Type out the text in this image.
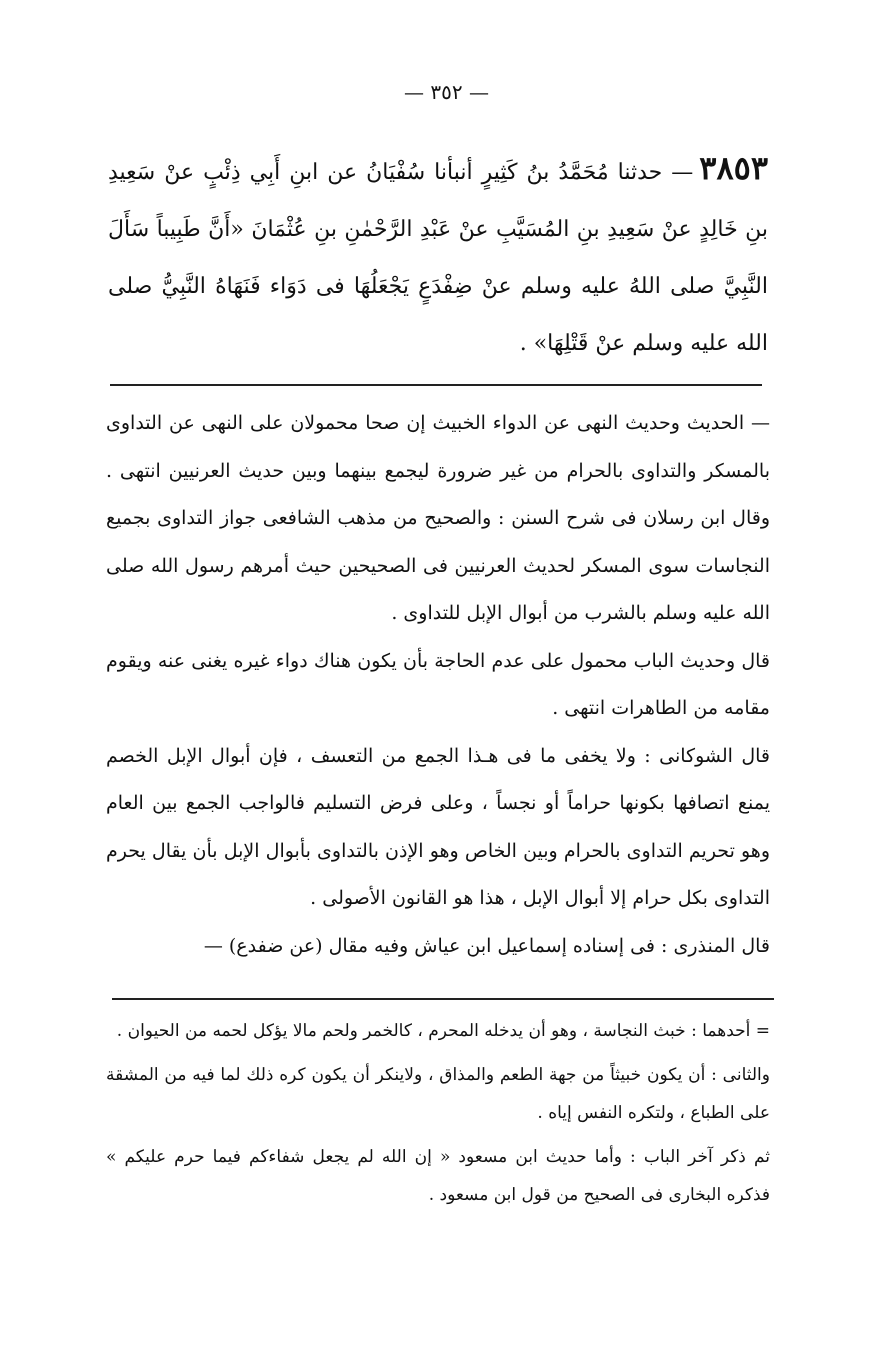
— ٣٥٢ —
٣٨٥٣— حدثنا مُحَمَّدُ بنُ كَثِيرٍ أنبأنا سُفْيَانُ عن ابنِ أَبِي ذِئْبٍ عنْ سَعِيدِ بنِ خَالِدٍ عنْ سَعِيدِ بنِ المُسَيَّبِ عنْ عَبْدِ الرَّحْمٰنِ بنِ عُثْمَانَ «أَنَّ طَبِيباً سَأَلَ النَّبِيَّ صلى اللهُ عليه وسلم عنْ ضِفْدَعٍ يَجْعَلُهَا فى دَوَاء فَنَهَاهُ النَّبِيُّ صلى الله عليه وسلم عنْ قَتْلِهَا» .

— الحديث وحديث النهى عن الدواء الخبيث إن صحا محمولان على النهى عن التداوى بالمسكر والتداوى بالحرام من غير ضرورة ليجمع بينهما وبين حديث العرنيين انتهى . وقال ابن رسلان فى شرح السنن : والصحيح من مذهب الشافعى جواز التداوى بجميع النجاسات سوى المسكر لحديث العرنيين فى الصحيحين حيث أمرهم رسول الله صلى الله عليه وسلم بالشرب من أبوال الإبل للتداوى .

قال وحديث الباب محمول على عدم الحاجة بأن يكون هناك دواء غيره يغنى عنه ويقوم مقامه من الطاهرات انتهى .

قال الشوكانى : ولا يخفى ما فى هـذا الجمع من التعسف ، فإن أبوال الإبل الخصم يمنع اتصافها بكونها حراماً أو نجساً ، وعلى فرض التسليم فالواجب الجمع بين العام وهو تحريم التداوى بالحرام وبين الخاص وهو الإذن بالتداوى بأبوال الإبل بأن يقال يحرم التداوى بكل حرام إلا أبوال الإبل ، هذا هو القانون الأصولى .

قال المنذرى : فى إسناده إسماعيل ابن عياش وفيه مقال (عن ضفدع) —

= أحدهما : خبث النجاسة ، وهو أن يدخله المحرم ، كالخمر ولحم مالا يؤكل لحمه من الحيوان .

والثانى : أن يكون خبيثاً من جهة الطعم والمذاق ، ولاينكر أن يكون كره ذلك لما فيه من المشقة على الطباع ، ولتكره النفس إياه .

ثم ذكر آخر الباب : وأما حديث ابن مسعود « إن الله لم يجعل شفاءكم فيما حرم عليكم » فذكره البخارى فى الصحيح من قول ابن مسعود .
